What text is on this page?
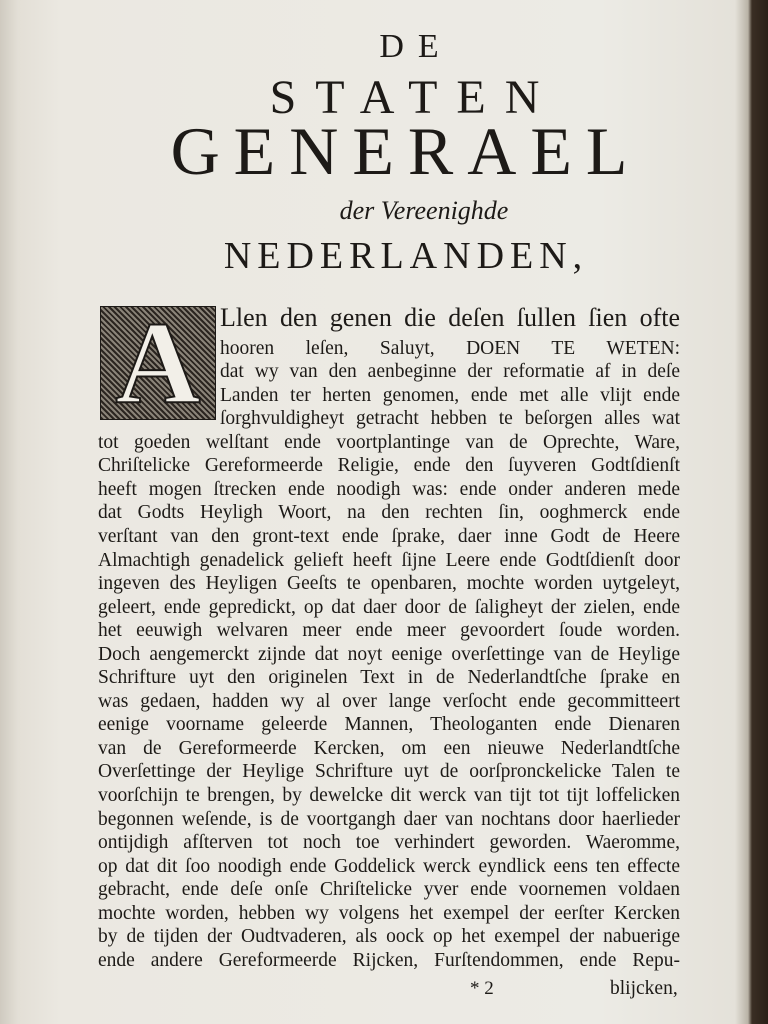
DE
STATEN
GENERAEL
der Vereenighde
NEDERLANDEN,
A Llen den genen die deſen ſullen ſien ofte
hooren leſen, Saluyt, DOEN TE WETEN:
dat wy van den aenbeginne der reformatie af in deſe
Landen ter herten genomen, ende met alle vlijt ende
ſorghvuldigheyt getracht hebben te beſorgen alles wat
tot goeden welſtant ende voortplantinge van de Oprechte, Ware,
Chriſtelicke Gereformeerde Religie, ende den ſuyveren Godtſdienſt
heeft mogen ſtrecken ende noodigh was: ende onder anderen mede
dat Godts Heyligh Woort, na den rechten ſin, ooghmerck ende
verſtant van den gront-text ende ſprake, daer inne Godt de Heere
Almachtigh genadelick gelieft heeft ſijne Leere ende Godtſdienſt door
ingeven des Heyligen Geeſts te openbaren, mochte worden uytgeleyt,
geleert, ende gepredickt, op dat daer door de ſaligheyt der zielen, ende
het eeuwigh welvaren meer ende meer gevoordert ſoude worden.
Doch aengemerckt zijnde dat noyt eenige overſettinge van de Heylige
Schrifture uyt den originelen Text in de Nederlandtſche ſprake en
was gedaen, hadden wy al over lange verſocht ende gecommitteert
eenige voorname geleerde Mannen, Theologanten ende Dienaren
van de Gereformeerde Kercken, om een nieuwe Nederlandtſche
Overſettinge der Heylige Schrifture uyt de oorſpronckelicke Talen te
voorſchijn te brengen, by dewelcke dit werck van tijt tot tijt loffelicken
begonnen weſende, is de voortgangh daer van nochtans door haerlieder
ontijdigh afſterven tot noch toe verhindert geworden. Waeromme,
op dat dit ſoo noodigh ende Goddelick werck eyndlick eens ten effecte
gebracht, ende deſe onſe Chriſtelicke yver ende voornemen voldaen
mochte worden, hebben wy volgens het exempel der eerſter Kercken
by de tijden der Oudtvaderen, als oock op het exempel der nabuerige
ende andere Gereformeerde Rijcken, Furſtendommen, ende Repu-
* 2	blijcken,
